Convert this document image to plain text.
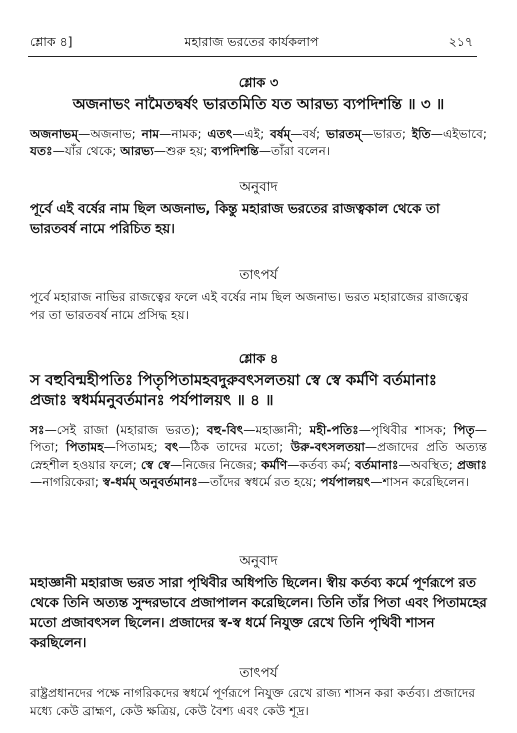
শ্লোক ৪]	মহারাজ ভরতের কার্যকলাপ	২১৭
শ্লোক ৩
অজনাভং নামৈতদ্বর্ষং ভারতমিতি যত আরভ্য ব্যপদিশন্তি ॥ ৩ ॥
অজনাভম্—অজনাভ; নাম—নামক; এতৎ—এই; বর্ষম্—বর্ষ; ভারতম্—ভারত; ইতি—এইভাবে; যতঃ—যাঁর থেকে; আরভ্য—শুরু হয়; ব্যপদিশন্তি—তাঁরা বলেন।
অনুবাদ
পূর্বে এই বর্ষের নাম ছিল অজনাভ, কিন্তু মহারাজ ভরতের রাজত্বকাল থেকে তা ভারতবর্ষ নামে পরিচিত হয়।
তাৎপর্য
পূর্বে মহারাজ নাভির রাজত্বের ফলে এই বর্ষের নাম ছিল অজনাভ। ভরত মহারাজের রাজত্বের পর তা ভারতবর্ষ নামে প্রসিদ্ধ হয়।
শ্লোক ৪
স বহুবিন্মহীপতিঃ পিতৃপিতামহবদুরুবৎসলতয়া স্বে স্বে কর্মণি বর্তমানাঃ
প্রজাঃ স্বধর্মমনুবর্তমানঃ পর্যপালয়ৎ ॥ ৪ ॥
সঃ—সেই রাজা (মহারাজ ভরত); বহু-বিৎ—মহাজ্ঞানী; মহী-পতিঃ—পৃথিবীর শাসক; পিতৃ—পিতা; পিতামহ—পিতামহ; বৎ—ঠিক তাদের মতো; উরু-বৎসলতয়া—প্রজাদের প্রতি অত্যন্ত স্নেহশীল হওয়ার ফলে; স্বে স্বে—নিজের নিজের; কর্মণি—কর্তব্য কর্ম; বর্তমানাঃ—অবস্থিত; প্রজাঃ—নাগরিকেরা; স্ব-ধর্মম্ অনুবর্তমানঃ—তাঁদের স্বধর্মে রত হয়ে; পর্যপালয়ৎ—শাসন করেছিলেন।
অনুবাদ
মহাজ্ঞানী মহারাজ ভরত সারা পৃথিবীর অধিপতি ছিলেন। স্বীয় কর্তব্য কর্মে পূর্ণরূপে রত থেকে তিনি অত্যন্ত সুন্দরভাবে প্রজাপালন করেছিলেন। তিনি তাঁর পিতা এবং পিতামহের মতো প্রজাবৎসল ছিলেন। প্রজাদের স্ব-স্ব ধর্মে নিযুক্ত রেখে তিনি পৃথিবী শাসন করছিলেন।
তাৎপর্য
রাষ্ট্রপ্রধানদের পক্ষে নাগরিকদের স্বধর্মে পূর্ণরূপে নিযুক্ত রেখে রাজ্য শাসন করা কর্তব্য। প্রজাদের মধ্যে কেউ ব্রাহ্মণ, কেউ ক্ষত্রিয়, কেউ বৈশ্য এবং কেউ শূদ্র।
